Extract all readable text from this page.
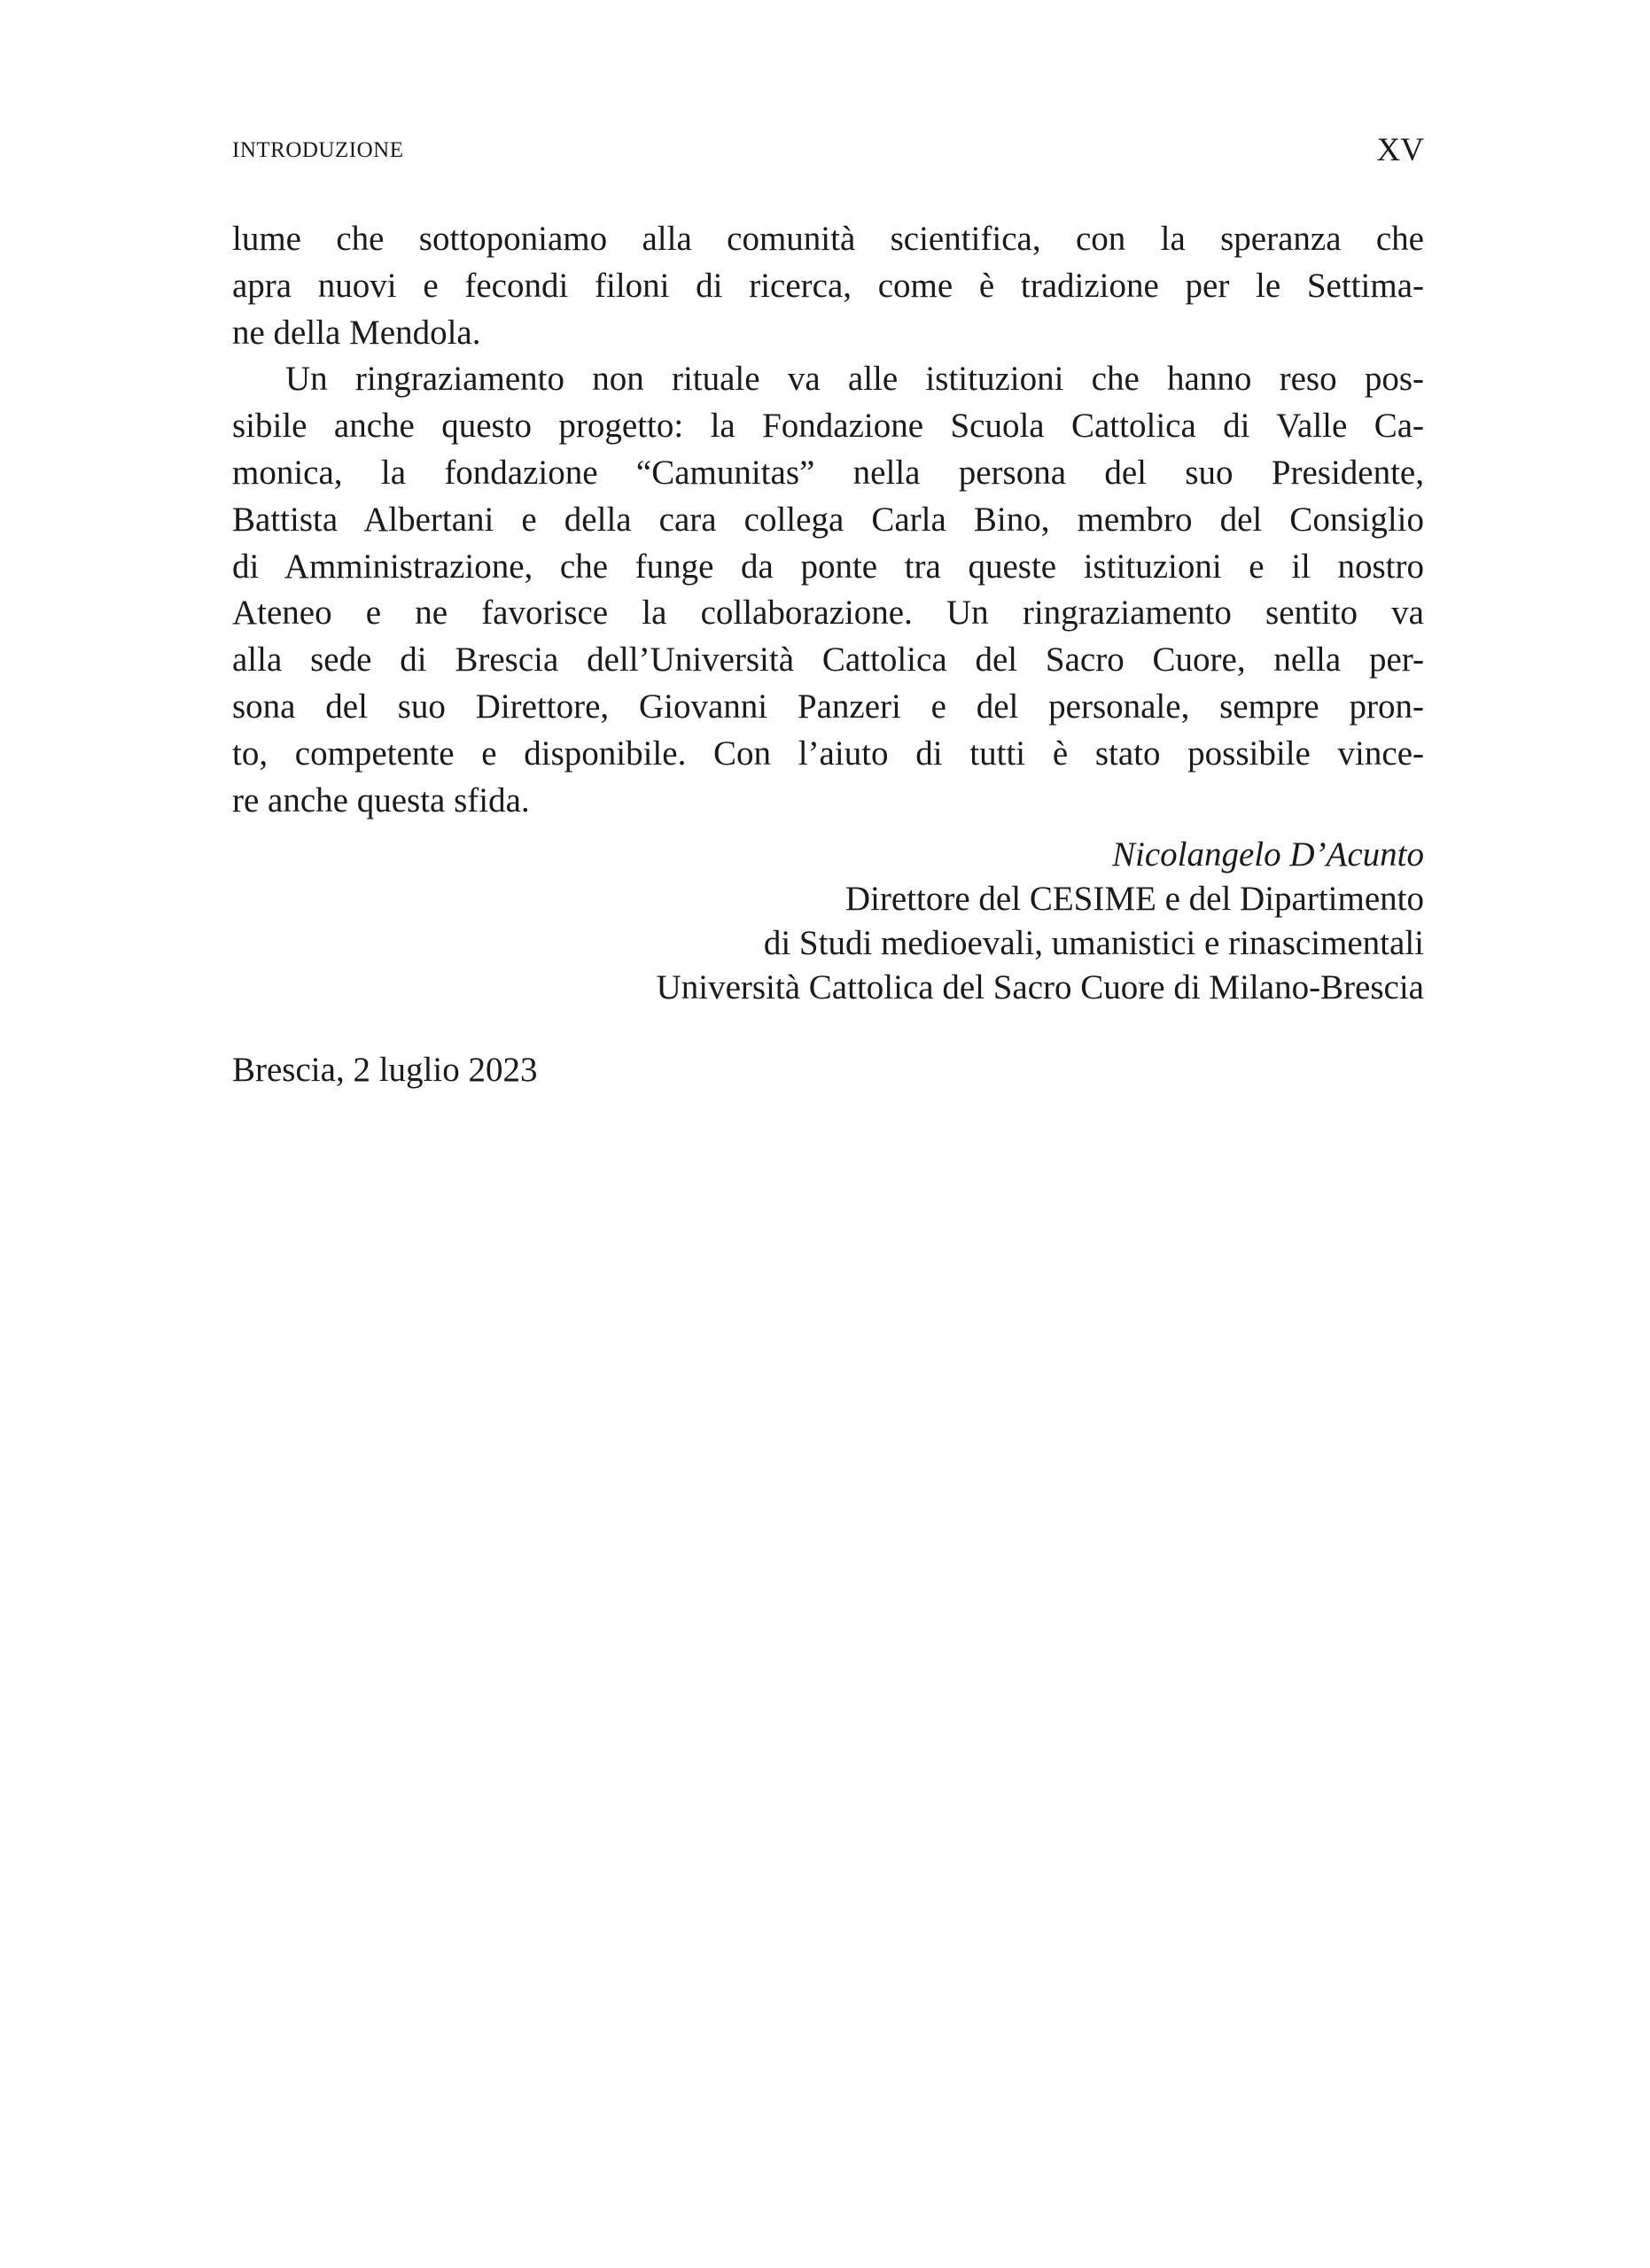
INTRODUZIONE	XV
lume che sottoponiamo alla comunità scientifica, con la speranza che
apra nuovi e fecondi filoni di ricerca, come è tradizione per le Settima-
ne della Mendola.
Un ringraziamento non rituale va alle istituzioni che hanno reso pos-
sibile anche questo progetto: la Fondazione Scuola Cattolica di Valle Ca-
monica, la fondazione “Camunitas” nella persona del suo Presidente,
Battista Albertani e della cara collega Carla Bino, membro del Consiglio
di Amministrazione, che funge da ponte tra queste istituzioni e il nostro
Ateneo e ne favorisce la collaborazione. Un ringraziamento sentito va
alla sede di Brescia dell’Università Cattolica del Sacro Cuore, nella per-
sona del suo Direttore, Giovanni Panzeri e del personale, sempre pron-
to, competente e disponibile. Con l’aiuto di tutti è stato possibile vince-
re anche questa sfida.
Nicolangelo D’Acunto
Direttore del CESIME e del Dipartimento
di Studi medioevali, umanistici e rinascimentali
Università Cattolica del Sacro Cuore di Milano-Brescia
Brescia, 2 luglio 2023
